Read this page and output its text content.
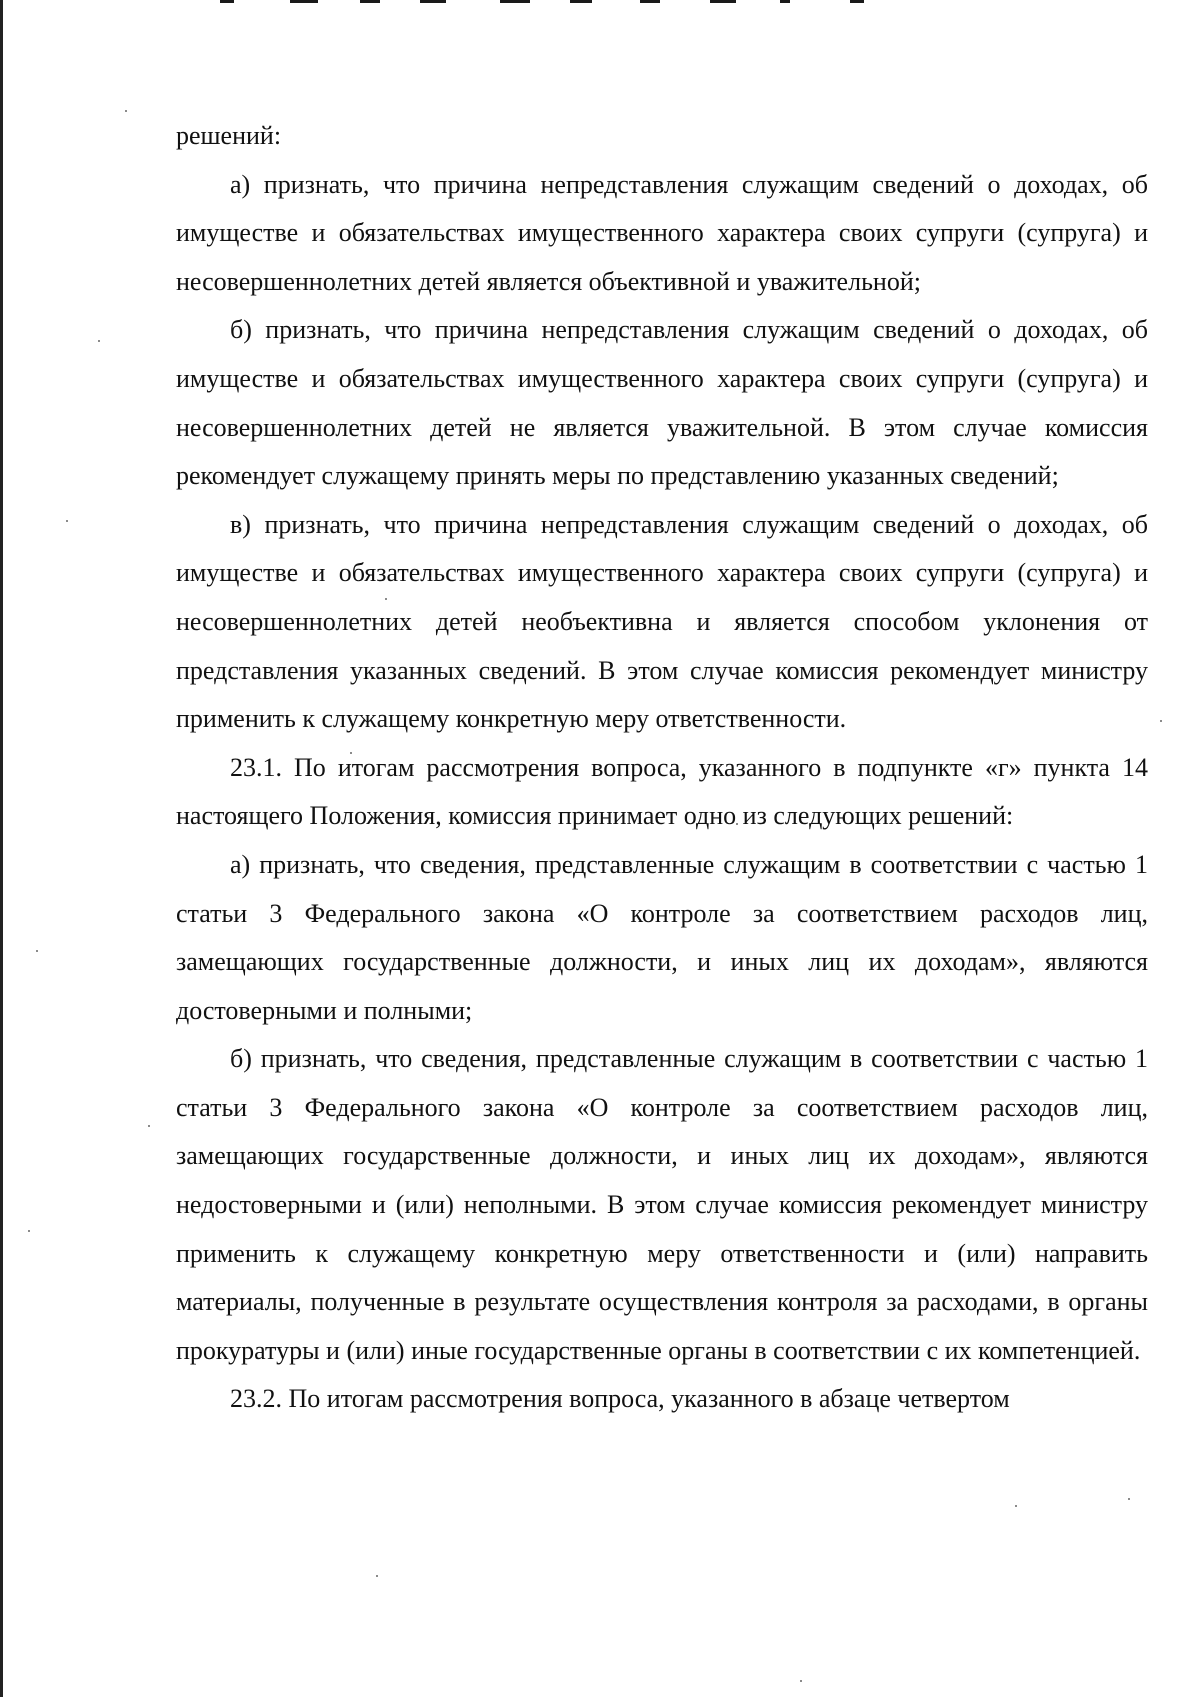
решений:

а) признать, что причина непредставления служащим сведений о доходах, об имуществе и обязательствах имущественного характера своих супруги (супруга) и несовершеннолетних детей является объективной и уважительной;

б) признать, что причина непредставления служащим сведений о доходах, об имуществе и обязательствах имущественного характера своих супруги (супруга) и несовершеннолетних детей не является уважительной. В этом случае комиссия рекомендует служащему принять меры по представлению указанных сведений;

в) признать, что причина непредставления служащим сведений о доходах, об имуществе и обязательствах имущественного характера своих супруги (супруга) и несовершеннолетних детей необъективна и является способом уклонения от представления указанных сведений. В этом случае комиссия рекомендует министру применить к служащему конкретную меру ответственности.

23.1. По итогам рассмотрения вопроса, указанного в подпункте «г» пункта 14 настоящего Положения, комиссия принимает одно из следующих решений:

а) признать, что сведения, представленные служащим в соответствии с частью 1 статьи 3 Федерального закона «О контроле за соответствием расходов лиц, замещающих государственные должности, и иных лиц их доходам», являются достоверными и полными;

б) признать, что сведения, представленные служащим в соответствии с частью 1 статьи 3 Федерального закона «О контроле за соответствием расходов лиц, замещающих государственные должности, и иных лиц их доходам», являются недостоверными и (или) неполными. В этом случае комиссия рекомендует министру применить к служащему конкретную меру ответственности и (или) направить материалы, полученные в результате осуществления контроля за расходами, в органы прокуратуры и (или) иные государственные органы в соответствии с их компетенцией.

23.2. По итогам рассмотрения вопроса, указанного в абзаце четвертом
